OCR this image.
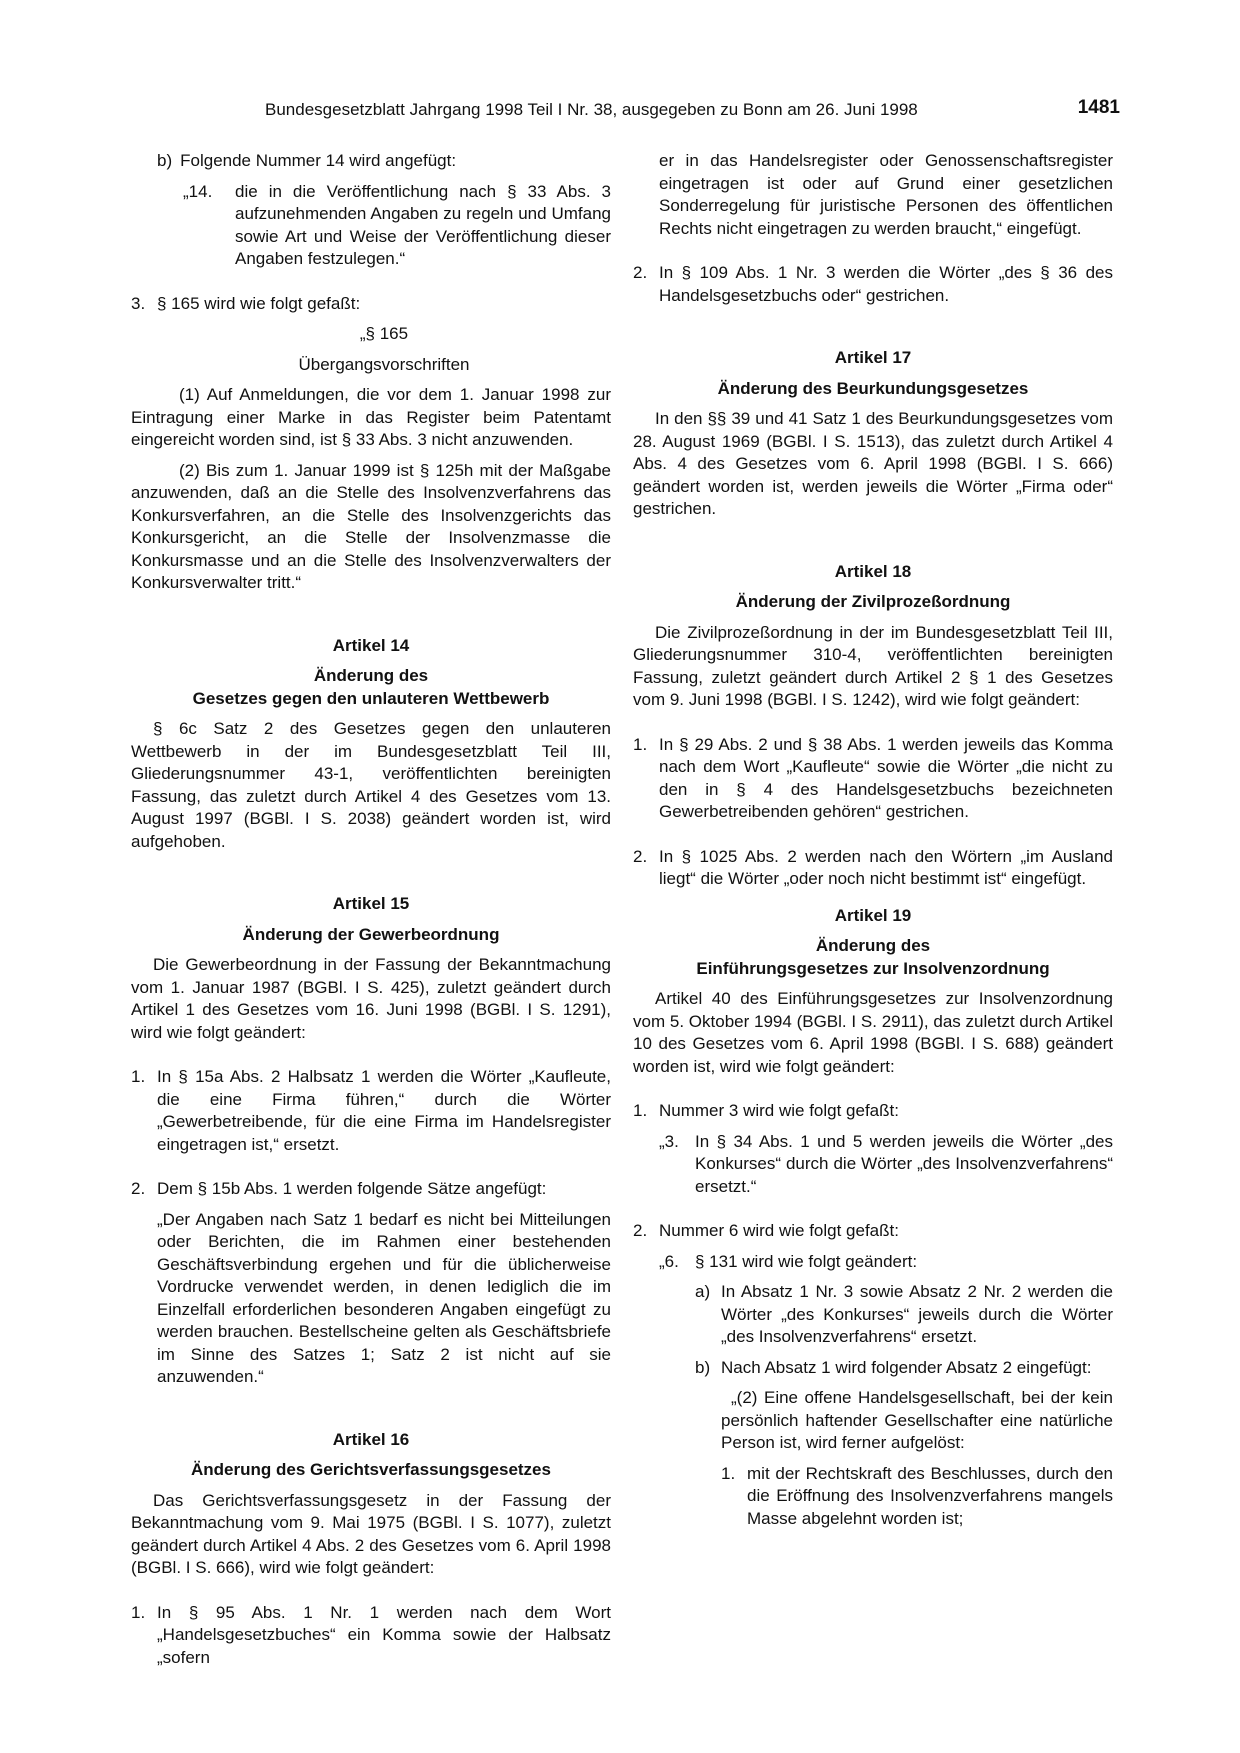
Bundesgesetzblatt Jahrgang 1998 Teil I Nr. 38, ausgegeben zu Bonn am 26. Juni 1998	1481
b) Folgende Nummer 14 wird angefügt:
„14.	die in die Veröffentlichung nach § 33 Abs. 3 aufzunehmenden Angaben zu regeln und Umfang sowie Art und Weise der Veröffentlichung dieser Angaben festzulegen.“
3. § 165 wird wie folgt gefaßt:

„§ 165

Übergangsvorschriften

(1) Auf Anmeldungen, die vor dem 1. Januar 1998 zur Eintragung einer Marke in das Register beim Patentamt eingereicht worden sind, ist § 33 Abs. 3 nicht anzuwenden.

(2) Bis zum 1. Januar 1999 ist § 125h mit der Maßgabe anzuwenden, daß an die Stelle des Insolvenzverfahrens das Konkursverfahren, an die Stelle des Insolvenzgerichts das Konkursgericht, an die Stelle der Insolvenzmasse die Konkursmasse und an die Stelle des Insolvenzverwalters der Konkursverwalter tritt.“

Artikel 14

Änderung des

Gesetzes gegen den unlauteren Wettbewerb

§ 6c Satz 2 des Gesetzes gegen den unlauteren Wettbewerb in der im Bundesgesetzblatt Teil III, Gliederungsnummer 43-1, veröffentlichten bereinigten Fassung, das zuletzt durch Artikel 4 des Gesetzes vom 13. August 1997 (BGBl. I S. 2038) geändert worden ist, wird aufgehoben.

Artikel 15

Änderung der Gewerbeordnung

Die Gewerbeordnung in der Fassung der Bekanntmachung vom 1. Januar 1987 (BGBl. I S. 425), zuletzt geändert durch Artikel 1 des Gesetzes vom 16. Juni 1998 (BGBl. I S. 1291), wird wie folgt geändert:

1. In § 15a Abs. 2 Halbsatz 1 werden die Wörter „Kaufleute, die eine Firma führen,“ durch die Wörter „Gewerbetreibende, für die eine Firma im Handelsregister eingetragen ist,“ ersetzt.
2. Dem § 15b Abs. 1 werden folgende Sätze angefügt:

„Der Angaben nach Satz 1 bedarf es nicht bei Mitteilungen oder Berichten, die im Rahmen einer bestehenden Geschäftsverbindung ergehen und für die üblicherweise Vordrucke verwendet werden, in denen lediglich die im Einzelfall erforderlichen besonderen Angaben eingefügt zu werden brauchen. Bestellscheine gelten als Geschäftsbriefe im Sinne des Satzes 1; Satz 2 ist nicht auf sie anzuwenden.“

Artikel 16

Änderung des Gerichtsverfassungsgesetzes

Das Gerichtsverfassungsgesetz in der Fassung der Bekanntmachung vom 9. Mai 1975 (BGBl. I S. 1077), zuletzt geändert durch Artikel 4 Abs. 2 des Gesetzes vom 6. April 1998 (BGBl. I S. 666), wird wie folgt geändert:

1. In § 95 Abs. 1 Nr. 1 werden nach dem Wort „Handelsgesetzbuches“ ein Komma sowie der Halbsatz „sofern

er in das Handelsregister oder Genossenschaftsregister eingetragen ist oder auf Grund einer gesetzlichen Sonderregelung für juristische Personen des öffentlichen Rechts nicht eingetragen zu werden braucht,“ eingefügt.

2. In § 109 Abs. 1 Nr. 3 werden die Wörter „des § 36 des Handelsgesetzbuchs oder“ gestrichen.

Artikel 17

Änderung des Beurkundungsgesetzes

In den §§ 39 und 41 Satz 1 des Beurkundungsgesetzes vom 28. August 1969 (BGBl. I S. 1513), das zuletzt durch Artikel 4 Abs. 4 des Gesetzes vom 6. April 1998 (BGBl. I S. 666) geändert worden ist, werden jeweils die Wörter „Firma oder“ gestrichen.

Artikel 18

Änderung der Zivilprozeßordnung

Die Zivilprozeßordnung in der im Bundesgesetzblatt Teil III, Gliederungsnummer 310-4, veröffentlichten bereinigten Fassung, zuletzt geändert durch Artikel 2 § 1 des Gesetzes vom 9. Juni 1998 (BGBl. I S. 1242), wird wie folgt geändert:

1. In § 29 Abs. 2 und § 38 Abs. 1 werden jeweils das Komma nach dem Wort „Kaufleute“ sowie die Wörter „die nicht zu den in § 4 des Handelsgesetzbuchs bezeichneten Gewerbetreibenden gehören“ gestrichen.
2. In § 1025 Abs. 2 werden nach den Wörtern „im Ausland liegt“ die Wörter „oder noch nicht bestimmt ist“ eingefügt.

Artikel 19

Änderung des

Einführungsgesetzes zur Insolvenzordnung

Artikel 40 des Einführungsgesetzes zur Insolvenzordnung vom 5. Oktober 1994 (BGBl. I S. 2911), das zuletzt durch Artikel 10 des Gesetzes vom 6. April 1998 (BGBl. I S. 688) geändert worden ist, wird wie folgt geändert:

1. Nummer 3 wird wie folgt gefaßt:
„3. In § 34 Abs. 1 und 5 werden jeweils die Wörter „des Konkurses“ durch die Wörter „des Insolvenzverfahrens“ ersetzt.“
2. Nummer 6 wird wie folgt gefaßt:
„6. § 131 wird wie folgt geändert:
a) In Absatz 1 Nr. 3 sowie Absatz 2 Nr. 2 werden die Wörter „des Konkurses“ jeweils durch die Wörter „des Insolvenzverfahrens“ ersetzt.
b) Nach Absatz 1 wird folgender Absatz 2 eingefügt:

„(2) Eine offene Handelsgesellschaft, bei der kein persönlich haftender Gesellschafter eine natürliche Person ist, wird ferner aufgelöst:

1. mit der Rechtskraft des Beschlusses, durch den die Eröffnung des Insolvenzverfahrens mangels Masse abgelehnt worden ist;
